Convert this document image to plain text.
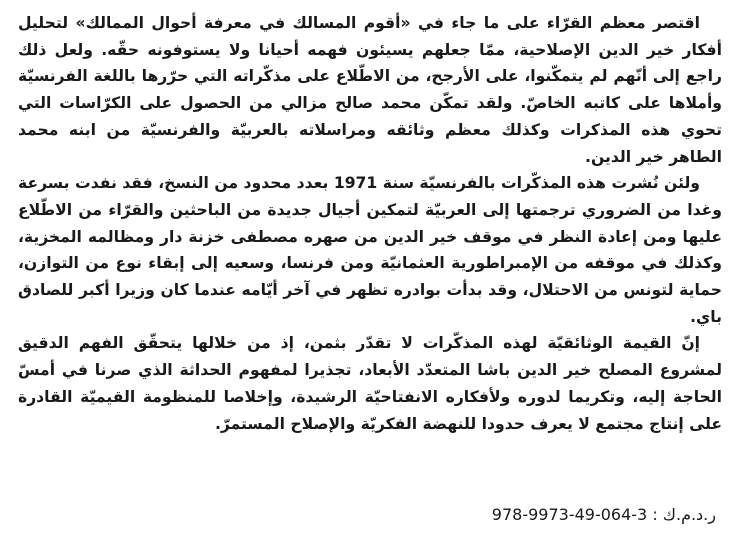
اقتصر معظم القرّاء على ما جاء في «أقوم المسالك في معرفة أحوال الممالك» لتحليل أفكار خير الدين الإصلاحية، ممّا جعلهم يسيئون فهمه أحيانا ولا يستوفونه حقّه. ولعل ذلك راجع إلى أنّهم لم يتمكّنوا، على الأرجح، من الاطّلاع على مذكّراته التي حرّرها باللغة الفرنسيّة وأملاها على كاتبه الخاصّ. ولقد تمكّن محمد صالح مزالي من الحصول على الكرّاسات التي تحوي هذه المذكرات وكذلك معظم وثائقه ومراسلاته بالعربيّة والفرنسيّة من ابنه محمد الطاهر خير الدين.

ولئن نُشرت هذه المذكّرات بالفرنسيّة سنة 1971 بعدد محدود من النسخ، فقد نفدت بسرعة وغدا من الضروري ترجمتها إلى العربيّة لتمكين أجيال جديدة من الباحثين والقرّاء من الاطّلاع عليها ومن إعادة النظر في موقف خير الدين من صهره مصطفى خزنة دار ومظالمه المخزية، وكذلك في موقفه من الإمبراطورية العثمانيّة ومن فرنسا، وسعيه إلى إبقاء نوع من التوازن، حماية لتونس من الاحتلال، وقد بدأت بوادره تظهر في آخر أيّامه عندما كان وزيرا أكبر للصادق باي.

إنّ القيمة الوثائقيّة لهذه المذكّرات لا تقدّر بثمن، إذ من خلالها يتحقّق الفهم الدقيق لمشروع المصلح خير الدين باشا المتعدّد الأبعاد، تجذيرا لمفهوم الحداثة الذي صرنا في أمسّ الحاجة إليه، وتكريما لدوره ولأفكاره الانفتاحيّة الرشيدة، وإخلاصا للمنظومة القيميّة القادرة على إنتاج مجتمع لا يعرف حدودا للنهضة الفكريّة والإصلاح المستمرّ.

ر.د.م.ك : 978-9973-49-064-3
